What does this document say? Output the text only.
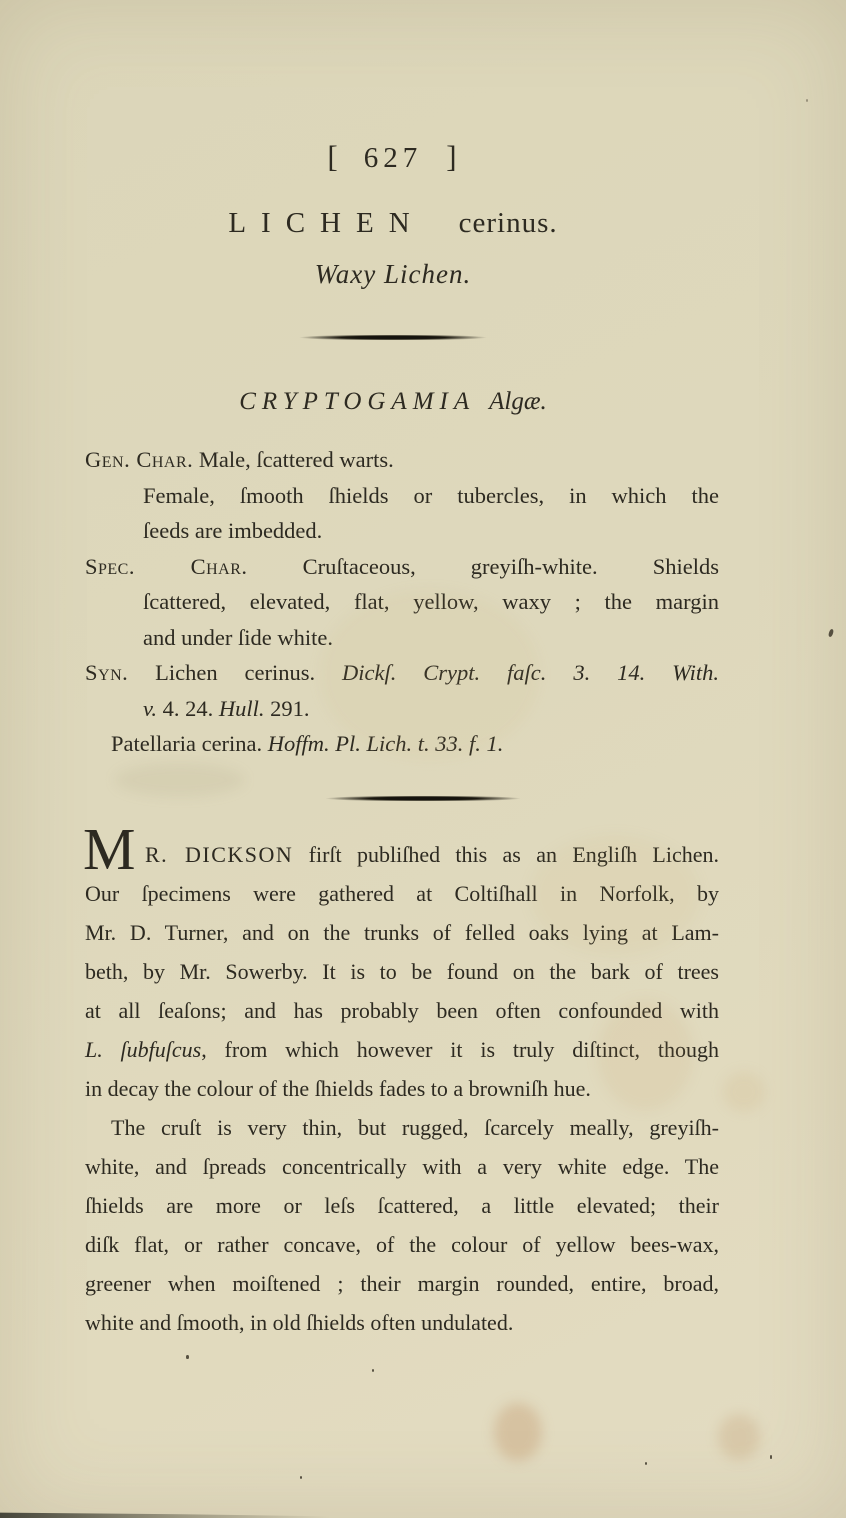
[ 627 ]
LICHEN cerinus.
Waxy Lichen.
CRYPTOGAMIA Algæ.
Gen. Char. Male, ſcattered warts.
Female, ſmooth ſhields or tubercles, in which the
ſeeds are imbedded.
Spec. Char. Cruſtaceous, greyiſh-white. Shields
ſcattered, elevated, flat, yellow, waxy ; the margin
and under ſide white.
Syn. Lichen cerinus. Dickſ. Crypt. faſc. 3. 14. With.
v. 4. 24. Hull. 291.
Patellaria cerina. Hoffm. Pl. Lich. t. 33. f. 1.
M R. DICKSON firſt publiſhed this as an Engliſh Lichen.
Our ſpecimens were gathered at Coltiſhall in Norfolk, by
Mr. D. Turner, and on the trunks of felled oaks lying at Lam-
beth, by Mr. Sowerby. It is to be found on the bark of trees
at all ſeaſons; and has probably been often confounded with
L. ſubfuſcus, from which however it is truly diſtinct, though
in decay the colour of the ſhields fades to a browniſh hue.
The cruſt is very thin, but rugged, ſcarcely meally, greyiſh-
white, and ſpreads concentrically with a very white edge. The
ſhields are more or leſs ſcattered, a little elevated; their
diſk flat, or rather concave, of the colour of yellow bees-wax,
greener when moiſtened ; their margin rounded, entire, broad,
white and ſmooth, in old ſhields often undulated.
